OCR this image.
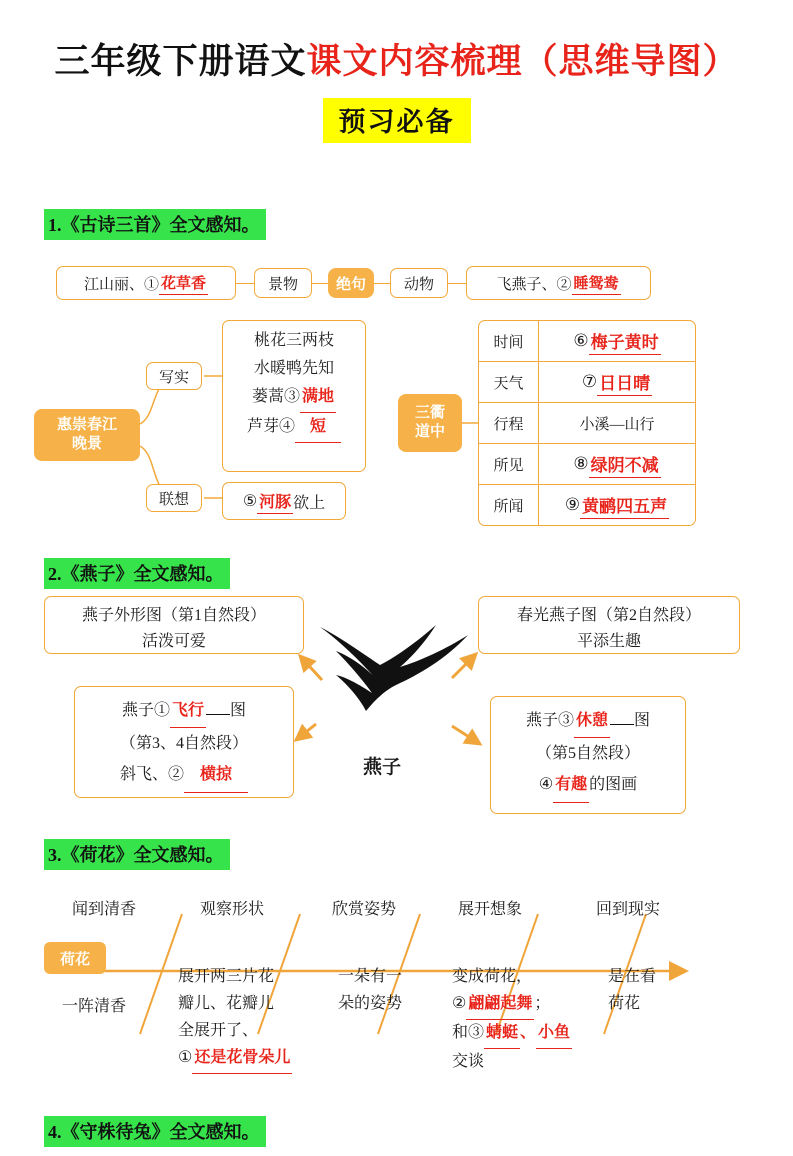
三年级下册语文课文内容梳理（思维导图）
预习必备
1.《古诗三首》全文感知。
江山丽、① 花草香	景物	绝句	动物	飞燕子、② 睡鸳鸯
惠崇春江
晚景
写实
桃花三两枝
水暖鸭先知
蒌蒿③ 满地
芦芽④ 短
联想	⑤ 河豚 欲上
三衢
道中
时间	⑥ 梅子黄时
天气	⑦ 日日晴
行程	小溪—山行
所见	⑧ 绿阴不减
所闻	⑨ 黄鹂四五声
2.《燕子》全文感知。
燕子外形图（第1自然段）
活泼可爱
春光燕子图（第2自然段）
平添生趣
燕子① 飞行 图
（第3、4自然段）
斜飞、② 横掠
燕子③ 休憩 图
（第5自然段）
④ 有趣 的图画
燕子
3.《荷花》全文感知。
荷花
闻到清香	观察形状	欣赏姿势	展开想象	回到现实
一阵清香
展开两三片花
瓣儿、花瓣儿
全展开了、
① 还是花骨朵儿
一朵有一
朵的姿势
变成荷花，
② 翩翩起舞 ；
和③ 蜻蜓 、 小鱼
交谈
是在看
荷花
4.《守株待兔》全文感知。
